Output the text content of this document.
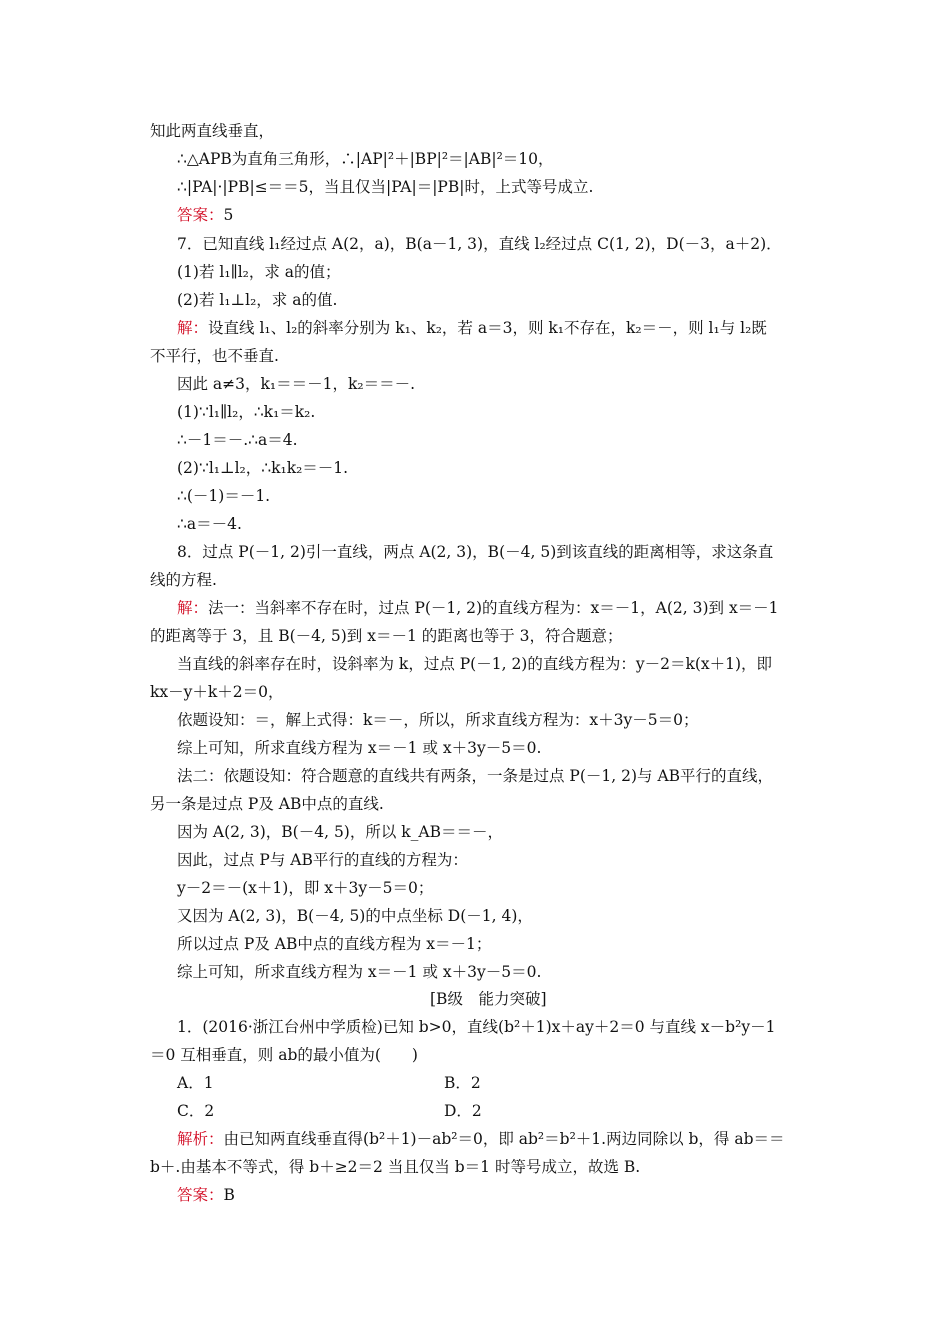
知此两直线垂直，
∴△APB为直角三角形，∴|AP|²＋|BP|²＝|AB|²＝10，
∴|PA|·|PB|≤＝＝5，当且仅当|PA|＝|PB|时，上式等号成立.
答案：5
7．已知直线 l₁经过点 A(2，a)，B(a－1, 3)，直线 l₂经过点 C(1, 2)，D(－3，a＋2)．
(1)若 l₁∥l₂，求 a的值；
(2)若 l₁⊥l₂，求 a的值.
解：设直线 l₁、l₂的斜率分别为 k₁、k₂，若 a＝3，则 k₁不存在，k₂＝－，则 l₁与 l₂既
不平行，也不垂直.
因此 a≠3，k₁＝＝－1，k₂＝＝－.
(1)∵l₁∥l₂，∴k₁＝k₂.
∴－1＝－.∴a＝4.
(2)∵l₁⊥l₂，∴k₁k₂＝－1.
∴(－1)＝－1.
∴a＝－4.
8．过点 P(－1, 2)引一直线，两点 A(2, 3)，B(－4, 5)到该直线的距离相等，求这条直
线的方程.
解：法一：当斜率不存在时，过点 P(－1, 2)的直线方程为：x＝－1，A(2, 3)到 x＝－1
的距离等于 3，且 B(－4, 5)到 x＝－1 的距离也等于 3，符合题意；
当直线的斜率存在时，设斜率为 k，过点 P(－1, 2)的直线方程为：y－2＝k(x＋1)，即
kx－y＋k＋2＝0，
依题设知：＝，解上式得：k＝－，所以，所求直线方程为：x＋3y－5＝0；
综上可知，所求直线方程为 x＝－1 或 x＋3y－5＝0.
法二：依题设知：符合题意的直线共有两条，一条是过点 P(－1, 2)与 AB平行的直线，
另一条是过点 P及 AB中点的直线.
因为 A(2, 3)，B(－4, 5)，所以 k_AB＝＝－，
因此，过点 P与 AB平行的直线的方程为：
y－2＝－(x＋1)，即 x＋3y－5＝0；
又因为 A(2, 3)，B(－4, 5)的中点坐标 D(－1, 4)，
所以过点 P及 AB中点的直线方程为 x＝－1；
综上可知，所求直线方程为 x＝－1 或 x＋3y－5＝0.
[B级　能力突破]
1．(2016·浙江台州中学质检)已知 b>0，直线(b²＋1)x＋ay＋2＝0 与直线 x－b²y－1
＝0 互相垂直，则 ab的最小值为(　　)
A．1	B．2
C．2	D．2
解析：由已知两直线垂直得(b²＋1)－ab²＝0，即 ab²＝b²＋1.两边同除以 b，得 ab＝＝
b＋.由基本不等式，得 b＋≥2＝2 当且仅当 b＝1 时等号成立，故选 B.
答案：B
